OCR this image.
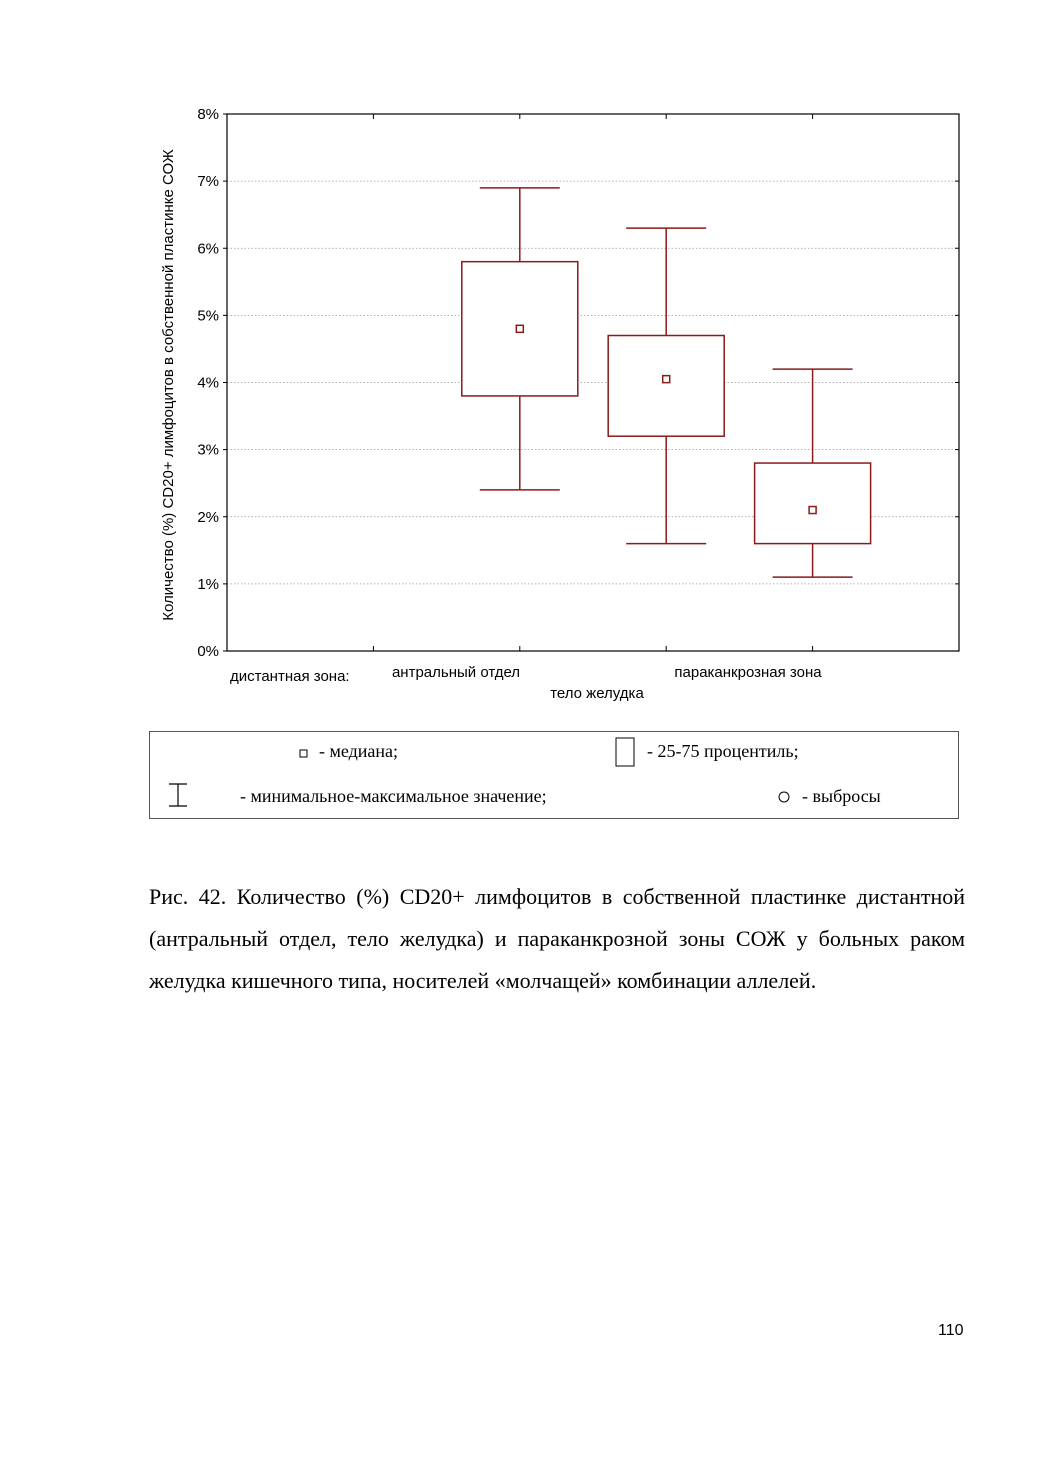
0%
1%
2%
3%
4%
5%
6%
7%
8%
Количество (%) CD20+ лимфоцитов в собственной пластинке СОЖ
дистантная зона:	антральный отдел
тело желудка
параканкрозная зона
- медиана;	- 25-75 процентиль;
- минимальное-максимальное значение;	- выбросы
Рис. 42. Количество (%) CD20+ лимфоцитов в собственной пластинке дистантной (антральный отдел, тело желудка) и параканкрозной зоны СОЖ у больных раком желудка кишечного типа, носителей «молчащей» комбинации аллелей.
110
